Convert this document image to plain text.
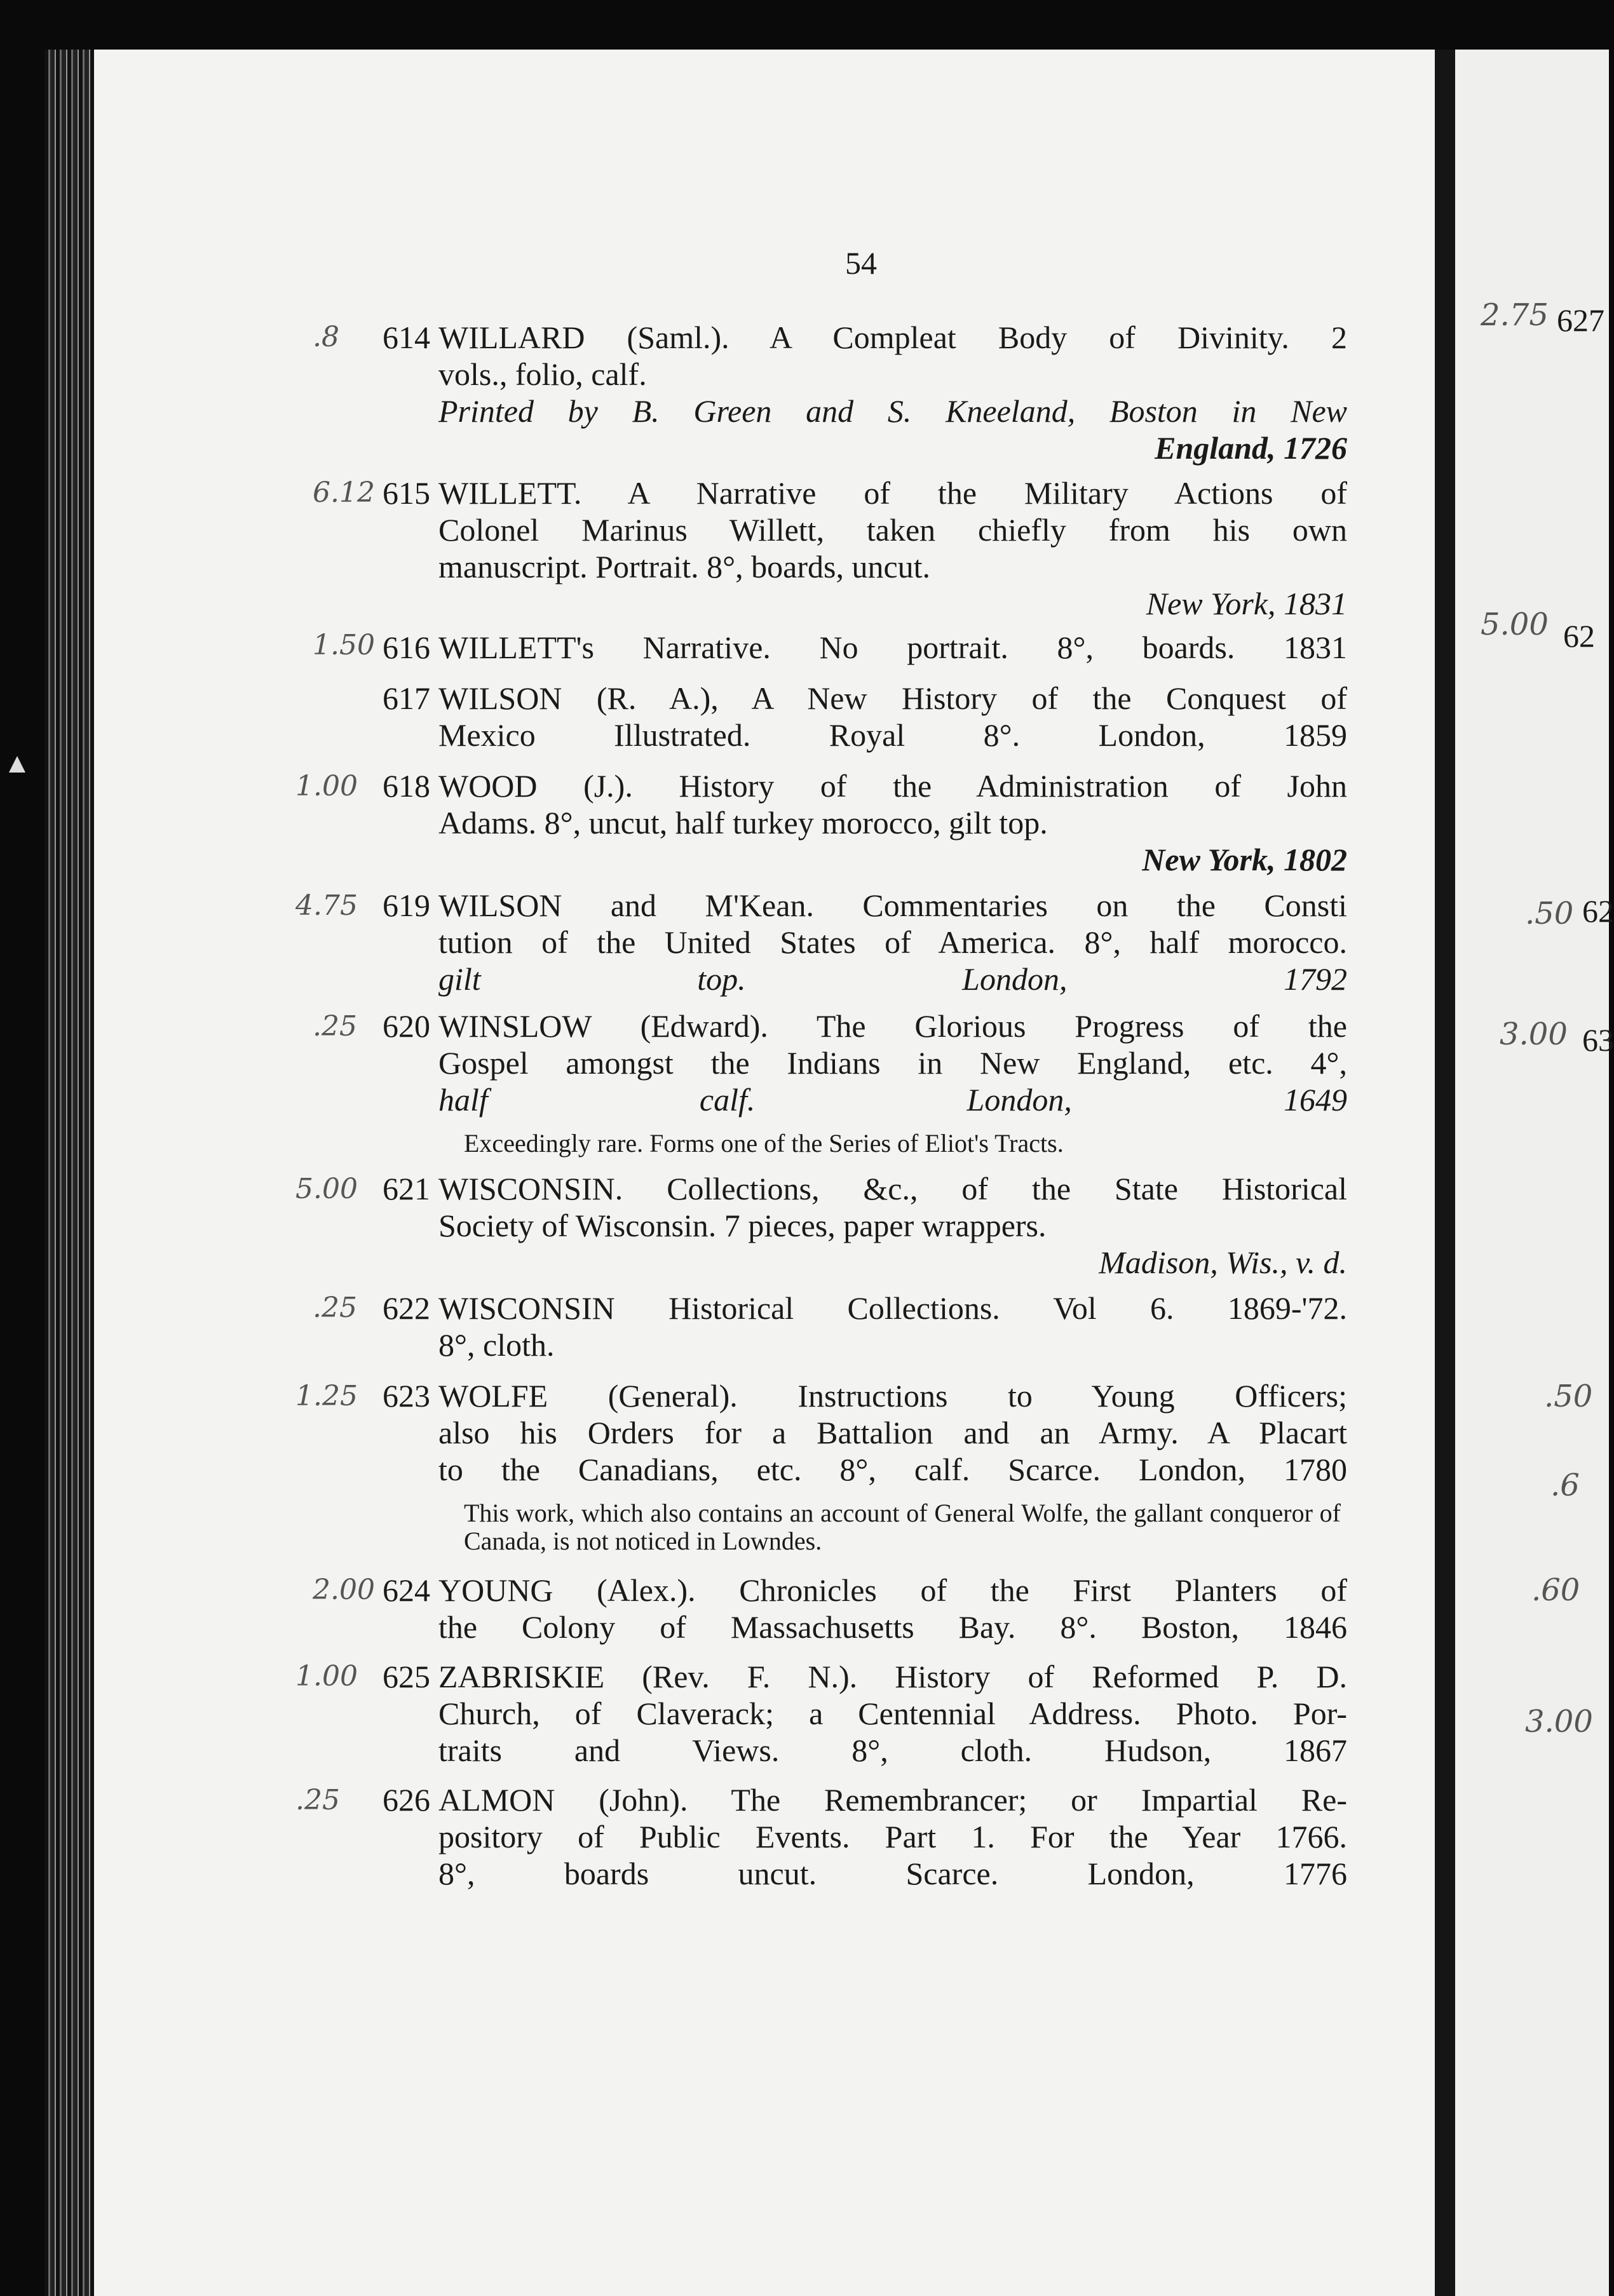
54
.8 614 WILLARD (Saml.). A Compleat Body of Divinity. 2
vols., folio, calf.
Printed by B. Green and S. Kneeland, Boston in New
England, 1726
6.12 615 WILLETT. A Narrative of the Military Actions of
Colonel Marinus Willett, taken chiefly from his own
manuscript. Portrait. 8°, boards, uncut.
New York, 1831
1.50 616 WILLETT's Narrative. No portrait. 8°, boards. 1831
617 WILSON (R. A.), A New History of the Conquest of
Mexico Illustrated. Royal 8°. London, 1859
1.00 618 WOOD (J.). History of the Administration of John
Adams. 8°, uncut, half turkey morocco, gilt top.
New York, 1802
4.75 619 WILSON and M'Kean. Commentaries on the Consti
tution of the United States of America. 8°, half morocco.
gilt top. London, 1792
.25 620 WINSLOW (Edward). The Glorious Progress of the
Gospel amongst the Indians in New England, etc. 4°,
half calf. London, 1649
Exceedingly rare. Forms one of the Series of Eliot's Tracts.
5.00 621 WISCONSIN. Collections, &c., of the State Historical
Society of Wisconsin. 7 pieces, paper wrappers.
Madison, Wis., v. d.
.25 622 WISCONSIN Historical Collections. Vol 6. 1869-'72.
8°, cloth.
1.25 623 WOLFE (General). Instructions to Young Officers;
also his Orders for a Battalion and an Army. A Placart
to the Canadians, etc. 8°, calf. Scarce. London, 1780
This work, which also contains an account of General Wolfe, the gallant conqueror of Canada, is not noticed in Lowndes.
2.00 624 YOUNG (Alex.). Chronicles of the First Planters of
the Colony of Massachusetts Bay. 8°. Boston, 1846
1.00 625 ZABRISKIE (Rev. F. N.). History of Reformed P. D.
Church, of Claverack; a Centennial Address. Photo. Por-
traits and Views. 8°, cloth. Hudson, 1867
.25 626 ALMON (John). The Remembrancer; or Impartial Re-
pository of Public Events. Part 1. For the Year 1766.
8°, boards uncut. Scarce. London, 1776
2.75 627
5.00 62
.50 62
3.00 63
.50
.6
.60
3.00
